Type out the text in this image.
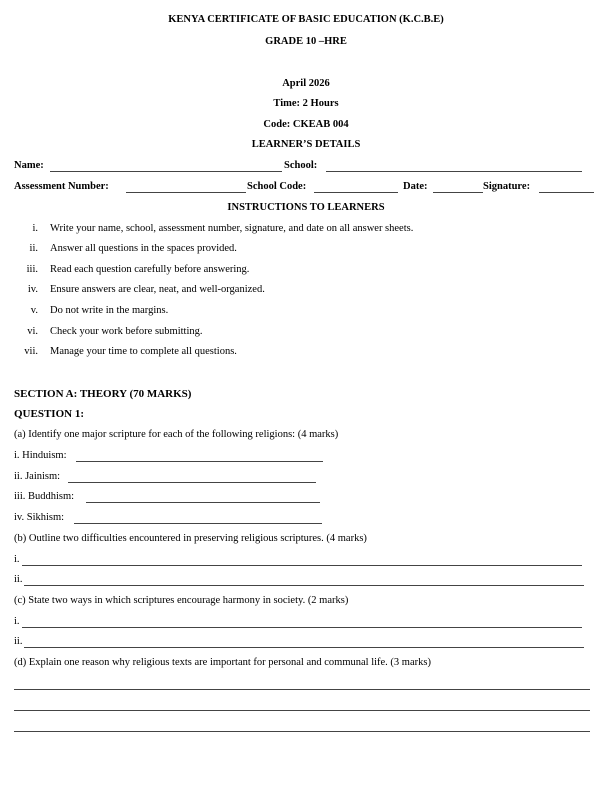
KENYA CERTIFICATE OF BASIC EDUCATION (K.C.B.E)
GRADE 10 –HRE
April 2026
Time: 2 Hours
Code: CKEAB 004
LEARNER’S DETAILS
Name:	School:
Assessment Number:	School Code:	Date:	Signature:
INSTRUCTIONS TO LEARNERS
i. Write your name, school, assessment number, signature, and date on all answer sheets.
ii. Answer all questions in the spaces provided.
iii. Read each question carefully before answering.
iv. Ensure answers are clear, neat, and well-organized.
v. Do not write in the margins.
vi. Check your work before submitting.
vii. Manage your time to complete all questions.
SECTION A: THEORY (70 MARKS)
QUESTION 1:
(a) Identify one major scripture for each of the following religions: (4 marks)
i. Hinduism:
ii. Jainism:
iii. Buddhism:
iv. Sikhism:
(b) Outline two difficulties encountered in preserving religious scriptures. (4 marks)
i.
ii.
(c) State two ways in which scriptures encourage harmony in society. (2 marks)
i.
ii.
(d) Explain one reason why religious texts are important for personal and communal life. (3 marks)
